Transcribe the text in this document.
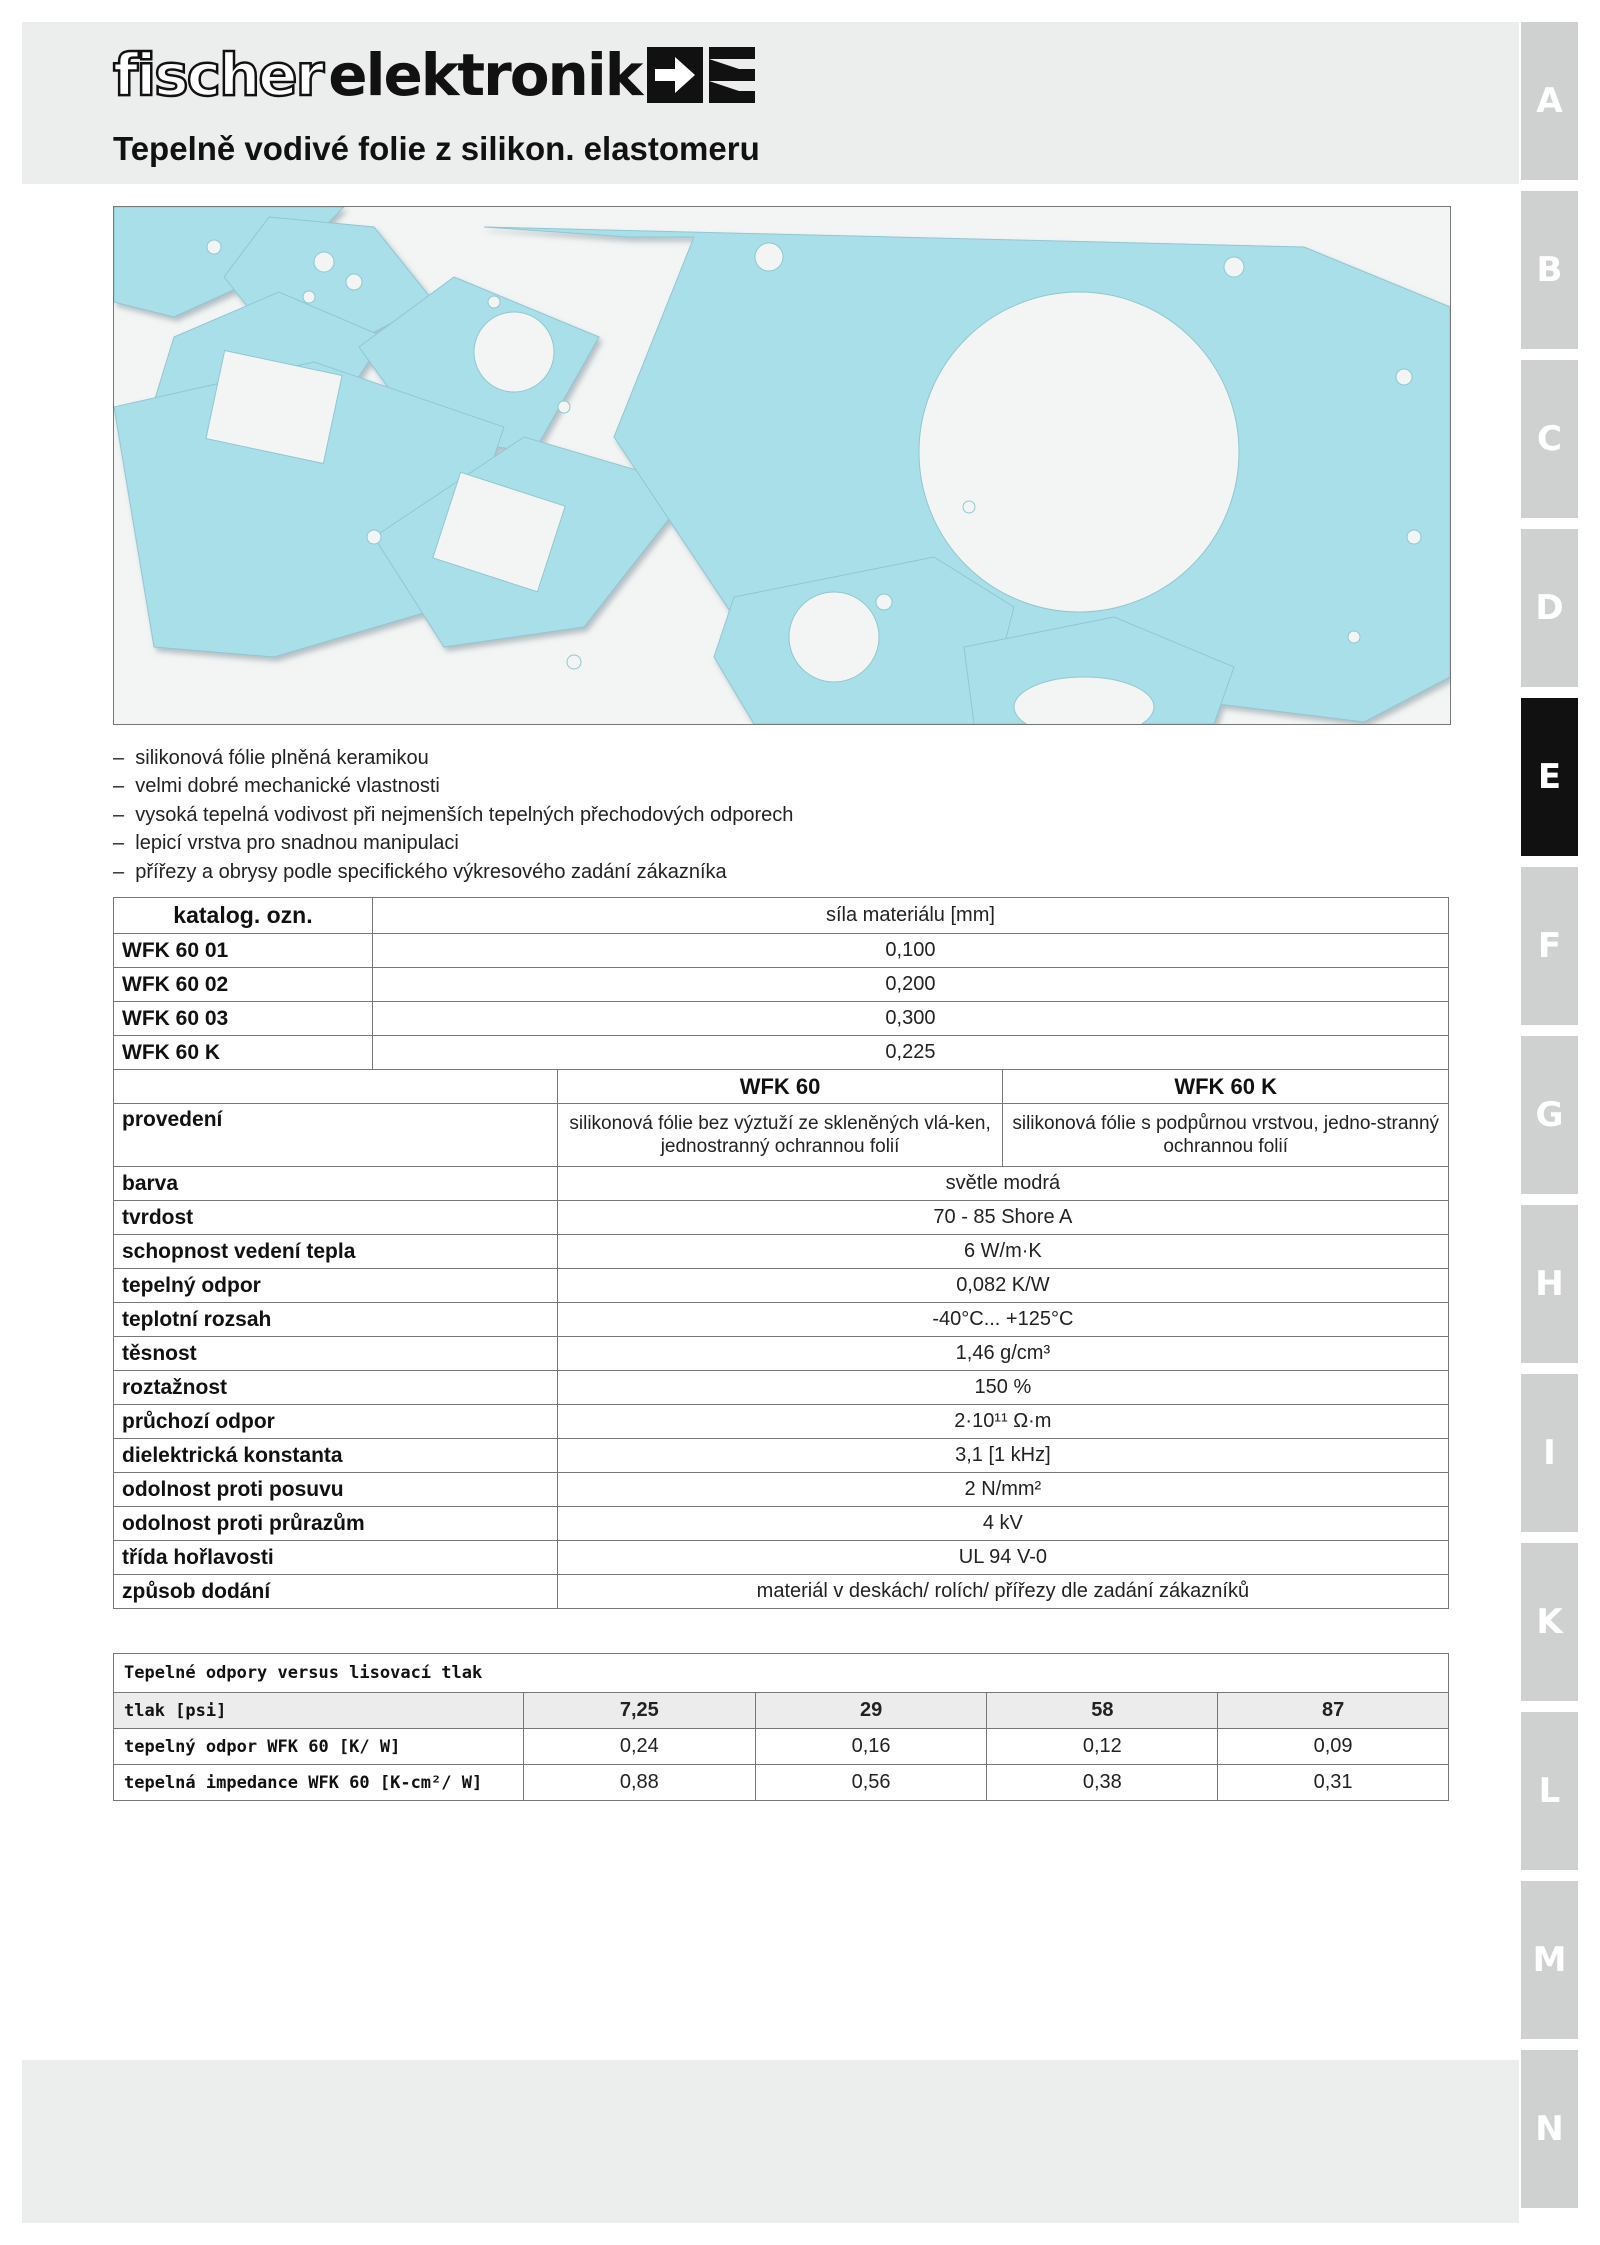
fischer elektronik
Tepelně vodivé folie z silikon. elastomeru
A
B
C
D
E
F
G
H
I
K
L
M
N
–  silikonová fólie plněná keramikou
–  velmi dobré mechanické vlastnosti
–  vysoká tepelná vodivost při nejmenších tepelných přechodových odporech
–  lepicí vrstva pro snadnou manipulaci
–  přířezy a obrysy podle specifického výkresového zadání zákazníka
katalog. ozn.	síla materiálu [mm]		
WFK 60 01	0,100		
WFK 60 02	0,200		
WFK 60 03	0,300		
WFK 60 K	0,225		
		WFK 60	WFK 60 K
provedení		silikonová fólie bez výztuží ze skleněných vlá-ken, jednostranný ochrannou folií	silikonová fólie s podpůrnou vrstvou, jedno-stranný ochrannou folií
barva		světle modrá	
tvrdost		70 - 85 Shore A	
schopnost vedení tepla		6 W/m·K	
tepelný odpor		0,082 K/W	
teplotní rozsah		-40°C... +125°C	
těsnost		1,46 g/cm³	
roztažnost		150 %	
průchozí odpor		2·10¹¹ Ω·m	
dielektrická konstanta		3,1 [1 kHz]	
odolnost proti posuvu		2 N/mm²	
odolnost proti průrazům		4 kV	
třída hořlavosti		UL 94 V-0	
způsob dodání		materiál v deskách/ rolích/ přířezy dle zadání zákazníků	
Tepelné odpory versus lisovací tlak				
tlak [psi]	7,25	29	58	87
tepelný odpor WFK 60 [K/ W]	0,24	0,16	0,12	0,09
tepelná impedance WFK 60 [K-cm²/ W]	0,88	0,56	0,38	0,31
